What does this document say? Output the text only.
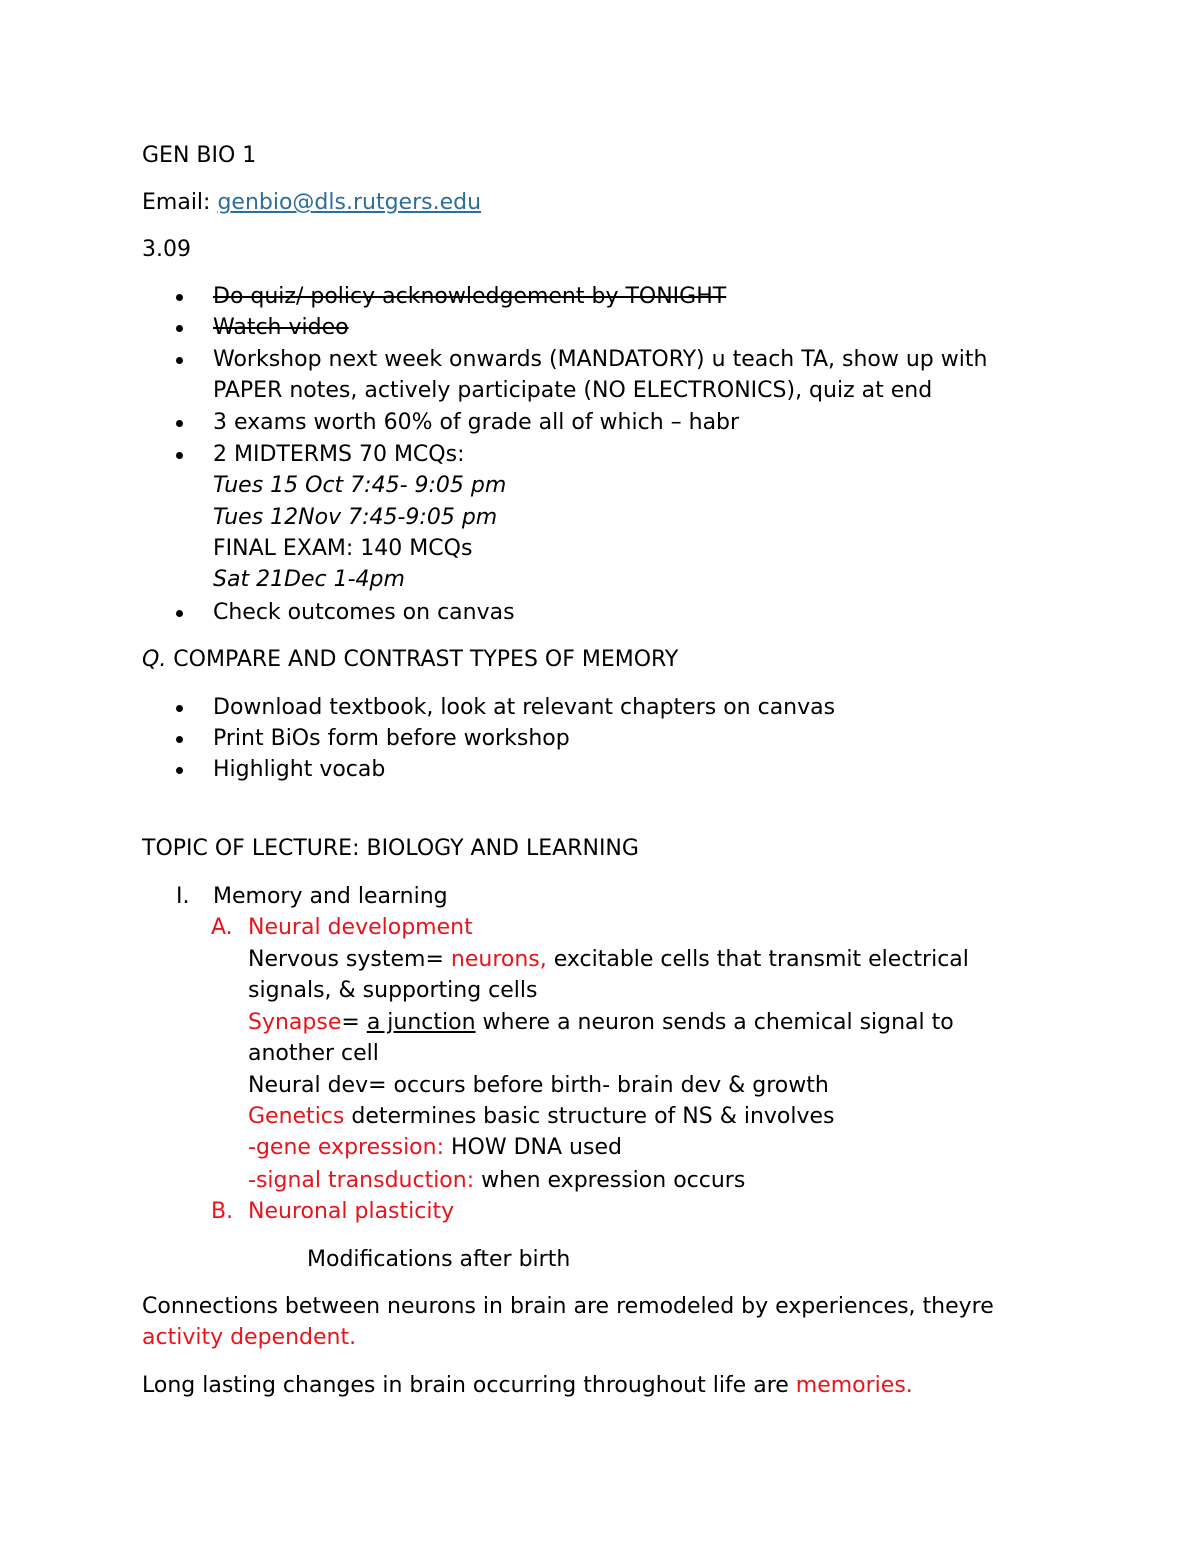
GEN BIO 1
Email: genbio@dls.rutgers.edu
3.09
Do quiz/ policy acknowledgement by TONIGHT
Watch video
Workshop next week onwards (MANDATORY) u teach TA, show up with
PAPER notes, actively participate (NO ELECTRONICS), quiz at end
3 exams worth 60% of grade all of which – habr
2 MIDTERMS 70 MCQs:
Tues 15 Oct 7:45- 9:05 pm
Tues 12Nov 7:45-9:05 pm
FINAL EXAM: 140 MCQs
Sat 21Dec 1-4pm
Check outcomes on canvas
Q. COMPARE AND CONTRAST TYPES OF MEMORY
Download textbook, look at relevant chapters on canvas
Print BiOs form before workshop
Highlight vocab
TOPIC OF LECTURE: BIOLOGY AND LEARNING
I. Memory and learning
A. Neural development
Nervous system= neurons, excitable cells that transmit electrical
signals, & supporting cells
Synapse= a junction where a neuron sends a chemical signal to
another cell
Neural dev= occurs before birth- brain dev & growth
Genetics determines basic structure of NS & involves
-gene expression: HOW DNA used
-signal transduction: when expression occurs
B. Neuronal plasticity
Modifications after birth
Connections between neurons in brain are remodeled by experiences, theyre
activity dependent.
Long lasting changes in brain occurring throughout life are memories.
